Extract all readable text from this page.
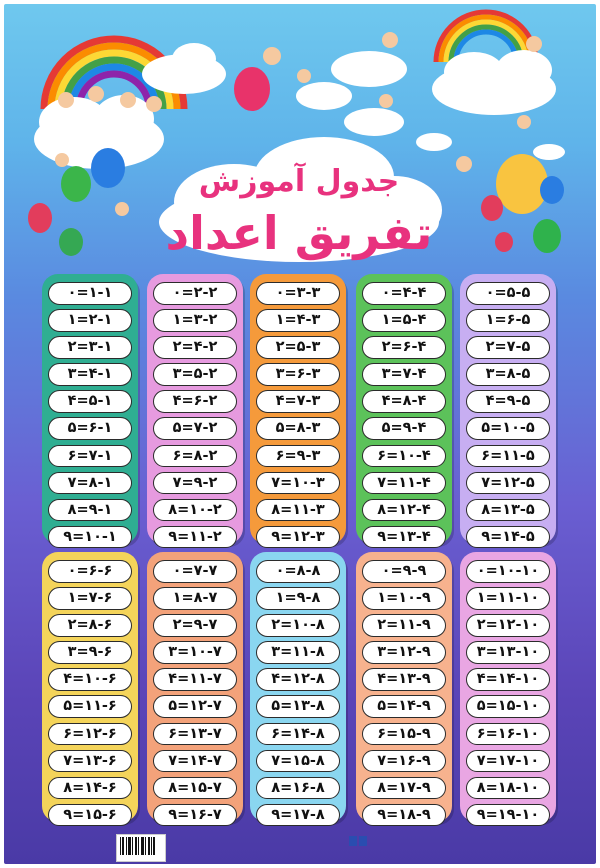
جدول آموزش
تفریق اعداد
۱-۱=۰
۲-۱=۱
۳-۱=۲
۴-۱=۳
۵-۱=۴
۶-۱=۵
۷-۱=۶
۸-۱=۷
۹-۱=۸
۱۰-۱=۹
۲-۲=۰
۳-۲=۱
۴-۲=۲
۵-۲=۳
۶-۲=۴
۷-۲=۵
۸-۲=۶
۹-۲=۷
۱۰-۲=۸
۱۱-۲=۹
۳-۳=۰
۴-۳=۱
۵-۳=۲
۶-۳=۳
۷-۳=۴
۸-۳=۵
۹-۳=۶
۱۰-۳=۷
۱۱-۳=۸
۱۲-۳=۹
۴-۴=۰
۵-۴=۱
۶-۴=۲
۷-۴=۳
۸-۴=۴
۹-۴=۵
۱۰-۴=۶
۱۱-۴=۷
۱۲-۴=۸
۱۳-۴=۹
۵-۵=۰
۶-۵=۱
۷-۵=۲
۸-۵=۳
۹-۵=۴
۱۰-۵=۵
۱۱-۵=۶
۱۲-۵=۷
۱۳-۵=۸
۱۴-۵=۹
۶-۶=۰
۷-۶=۱
۸-۶=۲
۹-۶=۳
۱۰-۶=۴
۱۱-۶=۵
۱۲-۶=۶
۱۳-۶=۷
۱۴-۶=۸
۱۵-۶=۹
۷-۷=۰
۸-۷=۱
۹-۷=۲
۱۰-۷=۳
۱۱-۷=۴
۱۲-۷=۵
۱۳-۷=۶
۱۴-۷=۷
۱۵-۷=۸
۱۶-۷=۹
۸-۸=۰
۹-۸=۱
۱۰-۸=۲
۱۱-۸=۳
۱۲-۸=۴
۱۳-۸=۵
۱۴-۸=۶
۱۵-۸=۷
۱۶-۸=۸
۱۷-۸=۹
۹-۹=۰
۱۰-۹=۱
۱۱-۹=۲
۱۲-۹=۳
۱۳-۹=۴
۱۴-۹=۵
۱۵-۹=۶
۱۶-۹=۷
۱۷-۹=۸
۱۸-۹=۹
۱۰-۱۰=۰
۱۱-۱۰=۱
۱۲-۱۰=۲
۱۳-۱۰=۳
۱۴-۱۰=۴
۱۵-۱۰=۵
۱۶-۱۰=۶
۱۷-۱۰=۷
۱۸-۱۰=۸
۱۹-۱۰=۹
